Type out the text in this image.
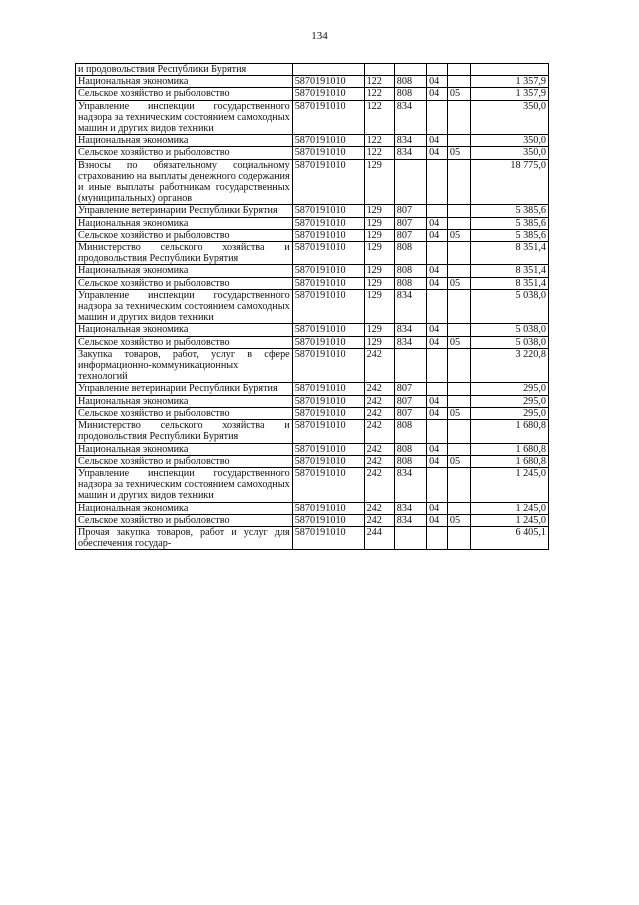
134
и продовольствия Республики Бурятия						
Национальная экономика	5870191010	122	808	04		1 357,9
Сельское хозяйство и рыболовство	5870191010	122	808	04	05	1 357,9
Управление инспекции государственного надзора за техническим состоянием самоходных машин и других видов техники	5870191010	122	834			350,0
Национальная экономика	5870191010	122	834	04		350,0
Сельское хозяйство и рыболовство	5870191010	122	834	04	05	350,0
Взносы по обязательному социальному страхованию на выплаты денежного содержания и иные выплаты работникам государственных (муниципальных) органов	5870191010	129				18 775,0
Управление ветеринарии Республики Бурятия	5870191010	129	807			5 385,6
Национальная экономика	5870191010	129	807	04		5 385,6
Сельское хозяйство и рыболовство	5870191010	129	807	04	05	5 385,6
Министерство сельского хозяйства и продовольствия Республики Бурятия	5870191010	129	808			8 351,4
Национальная экономика	5870191010	129	808	04		8 351,4
Сельское хозяйство и рыболовство	5870191010	129	808	04	05	8 351,4
Управление инспекции государственного надзора за техническим состоянием самоходных машин и других видов техники	5870191010	129	834			5 038,0
Национальная экономика	5870191010	129	834	04		5 038,0
Сельское хозяйство и рыболовство	5870191010	129	834	04	05	5 038,0
Закупка товаров, работ, услуг в сфере информационно-коммуникационных технологий	5870191010	242				3 220,8
Управление ветеринарии Республики Бурятия	5870191010	242	807			295,0
Национальная экономика	5870191010	242	807	04		295,0
Сельское хозяйство и рыболовство	5870191010	242	807	04	05	295,0
Министерство сельского хозяйства и продовольствия Республики Бурятия	5870191010	242	808			1 680,8
Национальная экономика	5870191010	242	808	04		1 680,8
Сельское хозяйство и рыболовство	5870191010	242	808	04	05	1 680,8
Управление инспекции государственного надзора за техническим состоянием самоходных машин и других видов техники	5870191010	242	834			1 245,0
Национальная экономика	5870191010	242	834	04		1 245,0
Сельское хозяйство и рыболовство	5870191010	242	834	04	05	1 245,0
Прочая закупка товаров, работ и услуг для обеспечения государ-	5870191010	244				6 405,1
